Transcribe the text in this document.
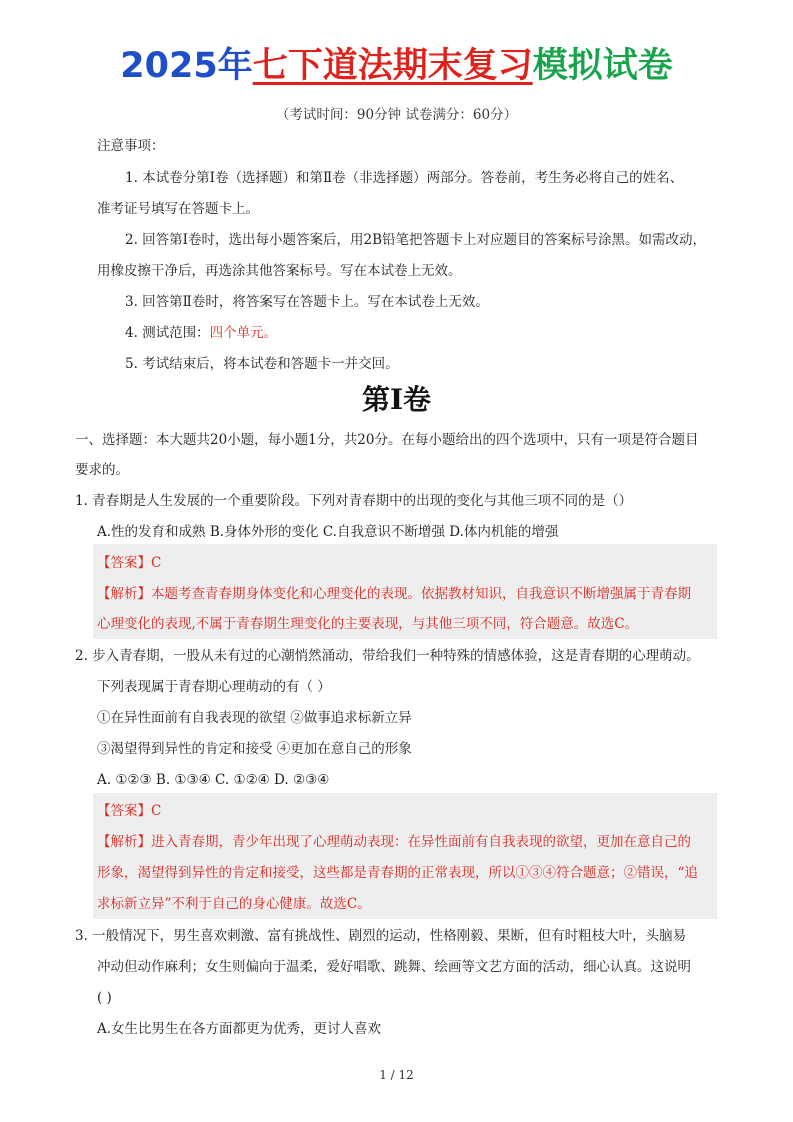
2025年七下道法期末复习模拟试卷
（考试时间：90分钟 试卷满分：60分）
注意事项：
1. 本试卷分第Ⅰ卷（选择题）和第Ⅱ卷（非选择题）两部分。答卷前，考生务必将自己的姓名、
准考证号填写在答题卡上。
2. 回答第Ⅰ卷时，选出每小题答案后，用2B铅笔把答题卡上对应题目的答案标号涂黑。如需改动，
用橡皮擦干净后，再选涂其他答案标号。写在本试卷上无效。
3. 回答第Ⅱ卷时，将答案写在答题卡上。写在本试卷上无效。
4. 测试范围：四个单元。
5. 考试结束后，将本试卷和答题卡一并交回。
第Ⅰ卷
一、选择题：本大题共20小题，每小题1分，共20分。在每小题给出的四个选项中，只有一项是符合题目
要求的。
1. 青春期是人生发展的一个重要阶段。下列对青春期中的出现的变化与其他三项不同的是（）
A.性的发育和成熟 B.身体外形的变化 C.自我意识不断增强 D.体内机能的增强
【答案】C
【解析】本题考查青春期身体变化和心理变化的表现。依据教材知识，自我意识不断增强属于青春期
心理变化的表现,不属于青春期生理变化的主要表现，与其他三项不同，符合题意。故选C。
2. 步入青春期，一股从未有过的心潮悄然涌动，带给我们一种特殊的情感体验，这是青春期的心理萌动。
下列表现属于青春期心理萌动的有（ ）
①在异性面前有自我表现的欲望 ②做事追求标新立异
③渴望得到异性的肯定和接受 ④更加在意自己的形象
A. ①②③ B. ①③④ C. ①②④ D. ②③④
【答案】C
【解析】进入青春期，青少年出现了心理萌动表现：在异性面前有自我表现的欲望，更加在意自己的
形象，渴望得到异性的肯定和接受，这些都是青春期的正常表现，所以①③④符合题意；②错误，“追
求标新立异”不利于自己的身心健康。故选C。
3. 一般情况下，男生喜欢刺激、富有挑战性、剧烈的运动，性格刚毅、果断，但有时粗枝大叶，头脑易
冲动但动作麻利；女生则偏向于温柔，爱好唱歌、跳舞、绘画等文艺方面的活动，细心认真。这说明
( )
A.女生比男生在各方面都更为优秀，更讨人喜欢
1 / 12
